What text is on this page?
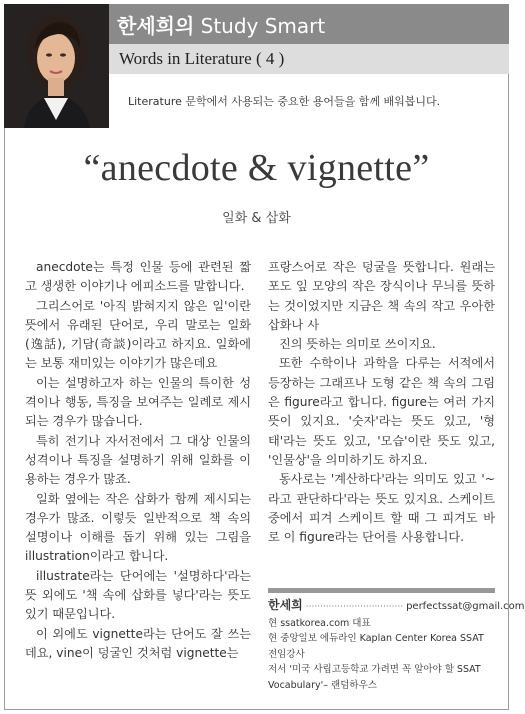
한세희의 Study Smart
Words in Literature ( 4 )
Literature 문학에서 사용되는 중요한 용어들을 함께 배워봅니다.
“anecdote & vignette”
일화 & 삽화

anecdote는 특정 인물 등에 관련된 짧고 생생한 이야기나 에피소드를 말합니다.

그리스어로 '아직 밝혀지지 않은 일'이란 뜻에서 유래된 단어로, 우리 말로는 일화(逸話), 기담(奇談)이라고 하지요. 일화에는 보통 재미있는 이야기가 많은데요

이는 설명하고자 하는 인물의 특이한 성격이나 행동, 특징을 보여주는 일례로 제시되는 경우가 많습니다.

특히 전기나 자서전에서 그 대상 인물의 성격이나 특징을 설명하기 위해 일화를 이용하는 경우가 많죠.

일화 옆에는 작은 삽화가 함께 제시되는 경우가 많죠. 이렇듯 일반적으로 책 속의 설명이나 이해를 돕기 위해 있는 그림을 illustration이라고 합니다.

illustrate라는 단어에는 '설명하다'라는 뜻 외에도 '책 속에 삽화를 넣다'라는 뜻도 있기 때문입니다.

이 외에도 vignette라는 단어도 잘 쓰는데요, vine이 덩굴인 것처럼 vignette는

프랑스어로 작은 덩굴을 뜻합니다. 원래는 포도 잎 모양의 작은 장식이나 무늬를 뜻하는 것이었지만 지금은 책 속의 작고 우아한 삽화나 사

진의 뜻하는 의미로 쓰이지요.

또한 수학이나 과학을 다루는 서적에서 등장하는 그래프나 도형 같은 책 속의 그림은 figure라고 합니다. figure는 여러 가지 뜻이 있지요. '숫자'라는 뜻도 있고, '형태'라는 뜻도 있고, '모습'이란 뜻도 있고, '인물상'을 의미하기도 하지요.

동사로는 '계산하다'라는 의미도 있고 '~라고 판단하다'라는 뜻도 있지요. 스케이트 중에서 피겨 스케이트 할 때 그 피겨도 바로 이 figure라는 단어를 사용합니다.

한세희 ·································· perfectssat@gmail.com
현 ssatkorea.com 대표
현 중앙일보 에듀라인 Kaplan Center Korea SSAT 전임강사
저서 '미국 사립고등학교 가려면 꼭 알아야 할 SSAT Vocabulary'– 랜덤하우스
